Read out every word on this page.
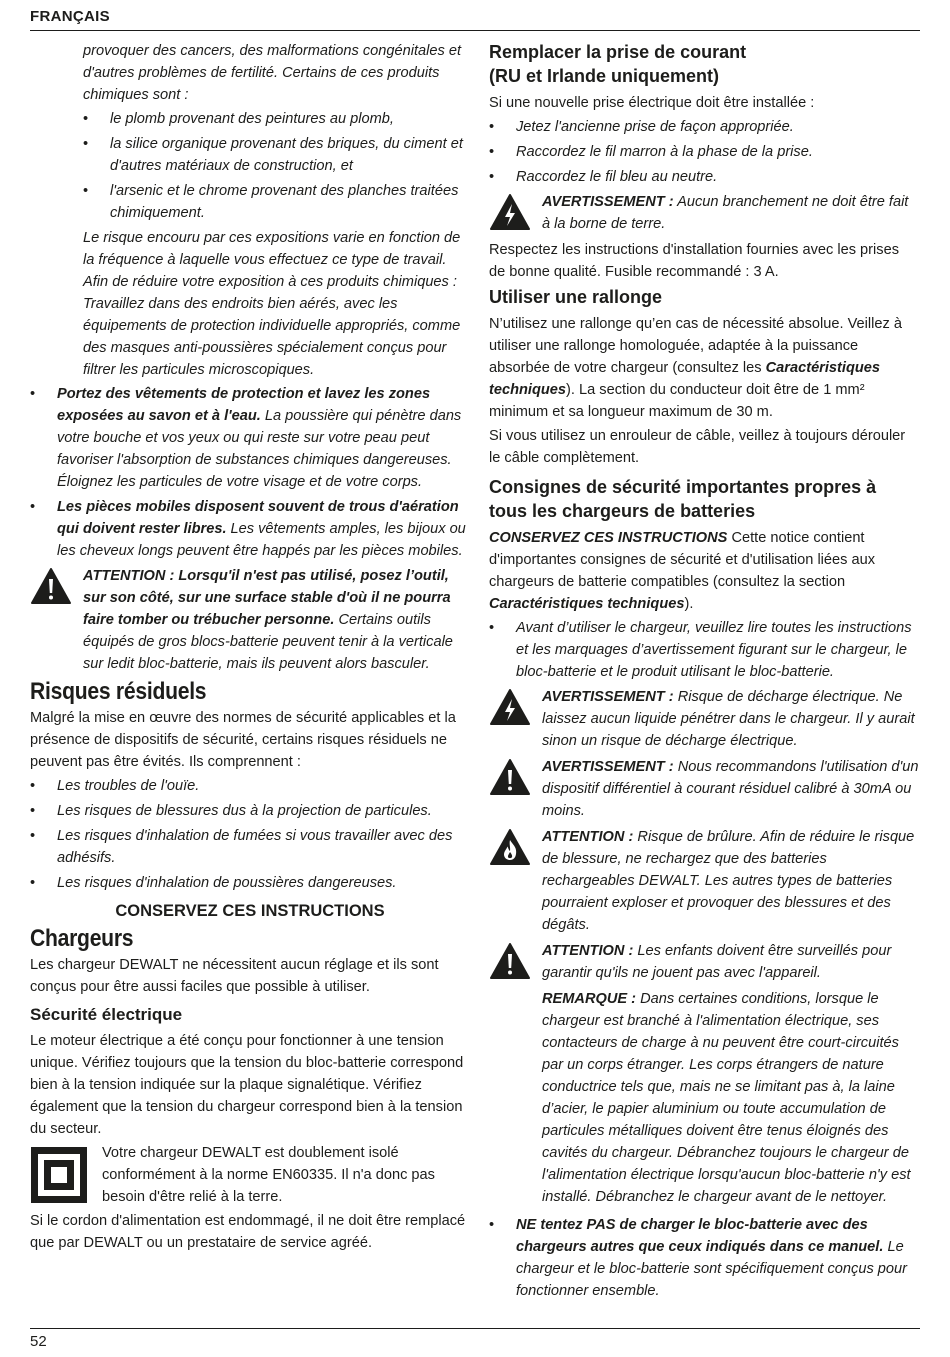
FRANÇAIS

provoquer des cancers, des malformations congénitales et d'autres problèmes de fertilité. Certains de ces produits chimiques sont :

• le plomb provenant des peintures au plomb,
• la silice organique provenant des briques, du ciment et d'autres matériaux de construction, et
• l'arsenic et le chrome provenant des planches traitées chimiquement.

Le risque encouru par ces expositions varie en fonction de la fréquence à laquelle vous effectuez ce type de travail. Afin de réduire votre exposition à ces produits chimiques : Travaillez dans des endroits bien aérés, avec les équipements de protection individuelle appropriés, comme des masques anti-poussières spécialement conçus pour filtrer les particules microscopiques.

• Portez des vêtements de protection et lavez les zones exposées au savon et à l'eau. La poussière qui pénètre dans votre bouche et vos yeux ou qui reste sur votre peau peut favoriser l'absorption de substances chimiques dangereuses. Éloignez les particules de votre visage et de votre corps.
• Les pièces mobiles disposent souvent de trous d'aération qui doivent rester libres. Les vêtements amples, les bijoux ou les cheveux longs peuvent être happés par les pièces mobiles.
ATTENTION : Lorsqu'il n'est pas utilisé, posez l’outil, sur son côté, sur une surface stable d'où il ne pourra faire tomber ou trébucher personne. Certains outils équipés de gros blocs-batterie peuvent tenir à la verticale sur ledit bloc-batterie, mais ils peuvent alors basculer.
Risques résiduels

Malgré la mise en œuvre des normes de sécurité applicables et la présence de dispositifs de sécurité, certains risques résiduels ne peuvent pas être évités. Ils comprennent :

• Les troubles de l'ouïe.
• Les risques de blessures dus à la projection de particules.
• Les risques d'inhalation de fumées si vous travailler avec des adhésifs.
• Les risques d'inhalation de poussières dangereuses.
CONSERVEZ CES INSTRUCTIONS
Chargeurs

Les chargeur DEWALT ne nécessitent aucun réglage et ils sont conçus pour être aussi faciles que possible à utiliser.

Sécurité électrique

Le moteur électrique a été conçu pour fonctionner à une tension unique. Vérifiez toujours que la tension du bloc-batterie correspond bien à la tension indiquée sur la plaque signalétique. Vérifiez également que la tension du chargeur correspond bien à la tension du secteur.

Votre chargeur DEWALT est doublement isolé conformément à la norme EN60335. Il n'a donc pas besoin d'être relié à la terre.

Si le cordon d'alimentation est endommagé, il ne doit être remplacé que par DEWALT ou un prestataire de service agréé.

Remplacer la prise de courant
(RU et Irlande uniquement)

Si une nouvelle prise électrique doit être installée :

• Jetez l'ancienne prise de façon appropriée.
• Raccordez le fil marron à la phase de la prise.
• Raccordez le fil bleu au neutre.
AVERTISSEMENT : Aucun branchement ne doit être fait à la borne de terre.

Respectez les instructions d'installation fournies avec les prises de bonne qualité. Fusible recommandé : 3 A.

Utiliser une rallonge

N’utilisez une rallonge qu’en cas de nécessité absolue. Veillez à utiliser une rallonge homologuée, adaptée à la puissance absorbée de votre chargeur (consultez les Caractéristiques techniques). La section du conducteur doit être de 1 mm² minimum et sa longueur maximum de 30 m.

Si vous utilisez un enrouleur de câble, veillez à toujours dérouler le câble complètement.

Consignes de sécurité importantes propres à tous les chargeurs de batteries

CONSERVEZ CES INSTRUCTIONS Cette notice contient d'importantes consignes de sécurité et d'utilisation liées aux chargeurs de batterie compatibles (consultez la section Caractéristiques techniques).

• Avant d’utiliser le chargeur, veuillez lire toutes les instructions et les marquages d’avertissement figurant sur le chargeur, le bloc-batterie et le produit utilisant le bloc-batterie.
AVERTISSEMENT : Risque de décharge électrique. Ne laissez aucun liquide pénétrer dans le chargeur. Il y aurait sinon un risque de décharge électrique.
AVERTISSEMENT : Nous recommandons l'utilisation d'un dispositif différentiel à courant résiduel calibré à 30mA ou moins.
ATTENTION : Risque de brûlure. Afin de réduire le risque de blessure, ne rechargez que des batteries rechargeables DEWALT. Les autres types de batteries pourraient exploser et provoquer des blessures et des dégâts.
ATTENTION : Les enfants doivent être surveillés pour garantir qu'ils ne jouent pas avec l'appareil.
REMARQUE : Dans certaines conditions, lorsque le chargeur est branché à l'alimentation électrique, ses contacteurs de charge à nu peuvent être court-circuités par un corps étranger. Les corps étrangers de nature conductrice tels que, mais ne se limitant pas à, la laine d’acier, le papier aluminium ou toute accumulation de particules métalliques doivent être tenus éloignés des cavités du chargeur. Débranchez toujours le chargeur de l'alimentation électrique lorsqu'aucun bloc-batterie n'y est installé. Débranchez le chargeur avant de le nettoyer.
• NE tentez PAS de charger le bloc-batterie avec des chargeurs autres que ceux indiqués dans ce manuel. Le chargeur et le bloc-batterie sont spécifiquement conçus pour fonctionner ensemble.
52
